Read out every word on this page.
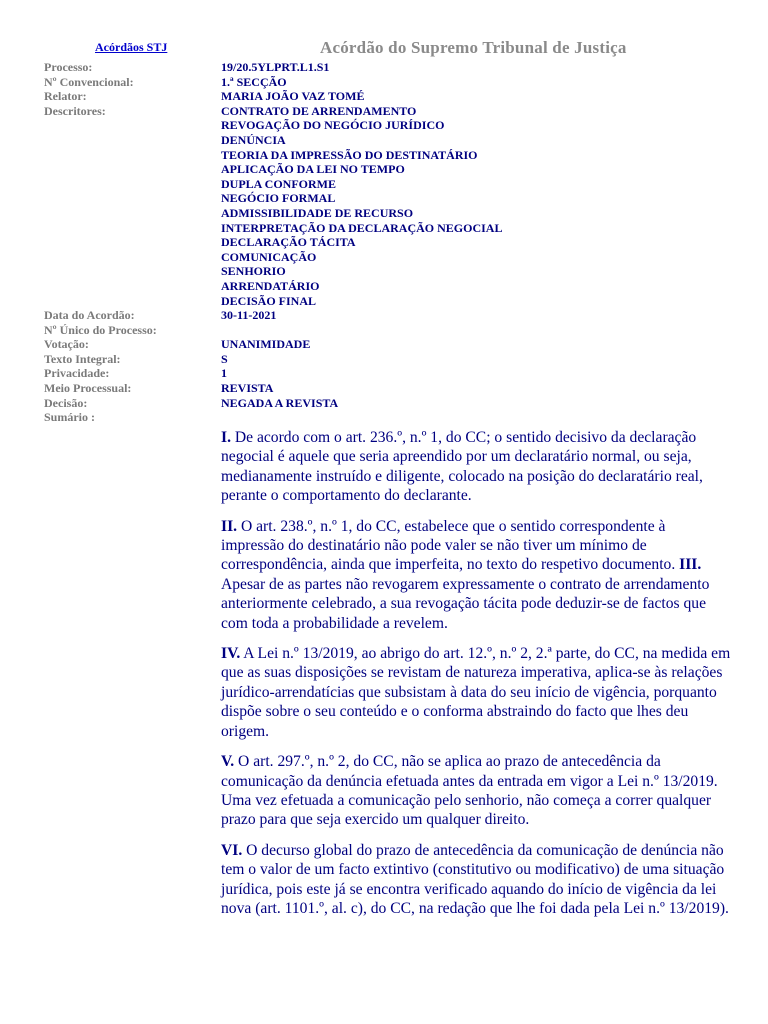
Acórdãos STJ	Acórdão do Supremo Tribunal de Justiça
Processo:	19/20.5YLPRT.L1.S1
Nº Convencional:	1.ª SECÇÃO
Relator:	MARIA JOÃO VAZ TOMÉ
Descritores:	CONTRATO DE ARRENDAMENTO
REVOGAÇÃO DO NEGÓCIO JURÍDICO
DENÚNCIA
TEORIA DA IMPRESSÃO DO DESTINATÁRIO
APLICAÇÃO DA LEI NO TEMPO
DUPLA CONFORME
NEGÓCIO FORMAL
ADMISSIBILIDADE DE RECURSO
INTERPRETAÇÃO DA DECLARAÇÃO NEGOCIAL
DECLARAÇÃO TÁCITA
COMUNICAÇÃO
SENHORIO
ARRENDATÁRIO
DECISÃO FINAL
Data do Acordão:	30-11-2021
Nº Único do Processo:
Votação:	UNANIMIDADE
Texto Integral:	S
Privacidade:	1
Meio Processual:	REVISTA
Decisão:	NEGADA A REVISTA
Sumário :

I. De acordo com o art. 236.º, n.º 1, do CC; o sentido decisivo da declaração negocial é aquele que seria apreendido por um declaratário normal, ou seja, medianamente instruído e diligente, colocado na posição do declaratário real, perante o comportamento do declarante.

II. O art. 238.º, n.º 1, do CC, estabelece que o sentido correspondente à impressão do destinatário não pode valer se não tiver um mínimo de correspondência, ainda que imperfeita, no texto do respetivo documento. III. Apesar de as partes não revogarem expressamente o contrato de arrendamento anteriormente celebrado, a sua revogação tácita pode deduzir-se de factos que com toda a probabilidade a revelem.

IV. A Lei n.º 13/2019, ao abrigo do art. 12.º, n.º 2, 2.ª parte, do CC, na medida em que as suas disposições se revistam de natureza imperativa, aplica-se às relações jurídico-arrendatícias que subsistam à data do seu início de vigência, porquanto dispõe sobre o seu conteúdo e o conforma abstraindo do facto que lhes deu origem.

V. O art. 297.º, n.º 2, do CC, não se aplica ao prazo de antecedência da comunicação da denúncia efetuada antes da entrada em vigor a Lei n.º 13/2019. Uma vez efetuada a comunicação pelo senhorio, não começa a correr qualquer prazo para que seja exercido um qualquer direito.

VI. O decurso global do prazo de antecedência da comunicação de denúncia não tem o valor de um facto extintivo (constitutivo ou modificativo) de uma situação jurídica, pois este já se encontra verificado aquando do início de vigência da lei nova (art. 1101.º, al. c), do CC, na redação que lhe foi dada pela Lei n.º 13/2019).
